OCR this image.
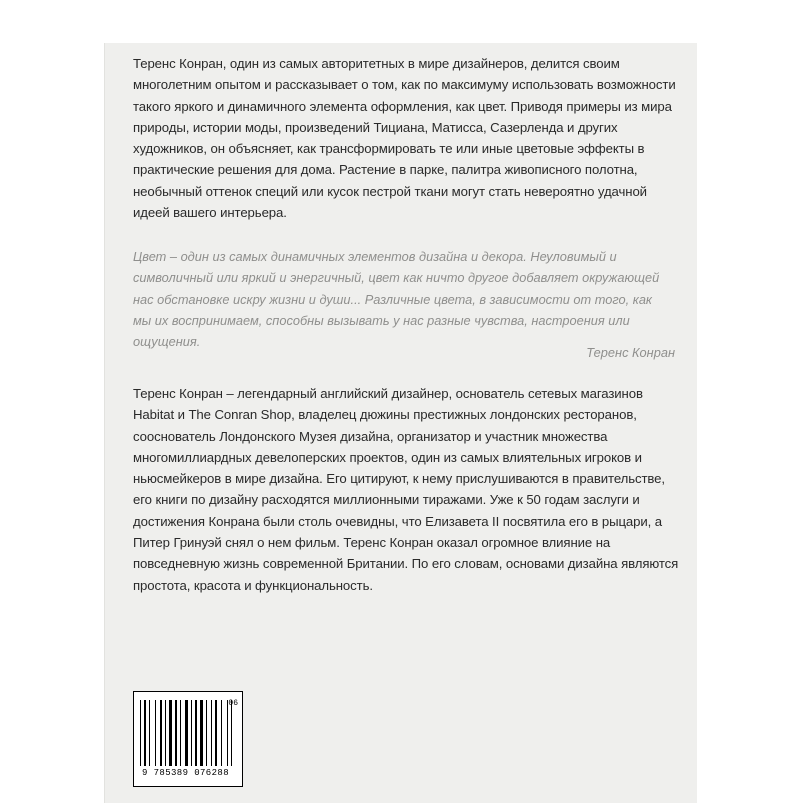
Теренс Конран, один из самых авторитетных в мире дизайнеров, делится своим многолетним опытом и рассказывает о том, как по максимуму использовать возможности такого яркого и динамичного элемента оформления, как цвет. Приводя примеры из мира природы, истории моды, произведений Тициана, Матисса, Сазерленда и других художников, он объясняет, как трансформировать те или иные цветовые эффекты в практические решения для дома. Растение в парке, палитра живописного полотна, необычный оттенок специй или кусок пестрой ткани могут стать невероятно удачной идеей вашего интерьера.

Цвет – один из самых динамичных элементов дизайна и декора. Неуловимый и символичный или яркий и энергичный, цвет как ничто другое добавляет окружающей нас обстановке искру жизни и души... Различные цвета, в зависимости от того, как мы их воспринимаем, способны вызывать у нас разные чувства, настроения или ощущения.

Теренс Конран

Теренс Конран – легендарный английский дизайнер, основатель сетевых магазинов Habitat и The Conran Shop, владелец дюжины престижных лондонских ресторанов, сооснователь Лондонского Музея дизайна, организатор и участник множества многомиллиардных девелоперских проектов, один из самых влиятельных игроков и ньюсмейкеров в мире дизайна. Его цитируют, к нему прислушиваются в правительстве, его книги по дизайну расходятся миллионными тиражами. Уже к 50 годам заслуги и достижения Конрана были столь очевидны, что Елизавета II посвятила его в рыцари, а Питер Гринуэй снял о нем фильм. Теренс Конран оказал огромное влияние на повседневную жизнь современной Британии. По его словам, основами дизайна являются простота, красота и функциональность.

06
9 785389 076288
